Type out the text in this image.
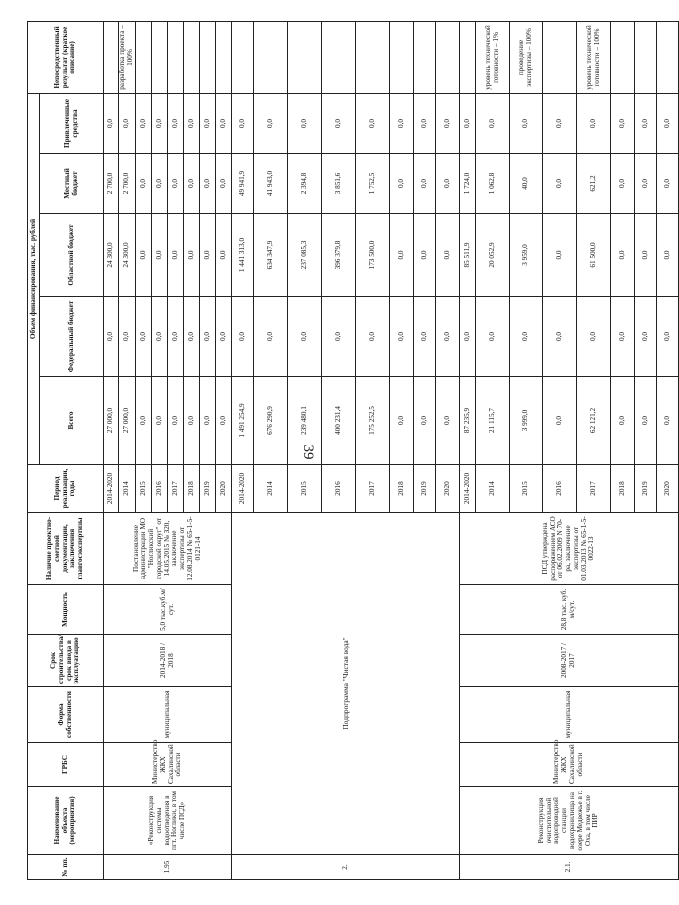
39
№ пп.	Наименование объекта (мероприятия)	ГРБС	Форма собственности	Срок строительства/ срок ввода в эксплуатацию	Мощность	Наличие проектно-сметной документации, заключения главгосэкспертизы	Период реализации, годы	Объем финансирования, тыс. рублей					Непосредственный результат (краткое описание)
								Всего	Федеральный бюджет	Областной бюджет	Местный бюджет	Привлеченные средства	
1.95	«Реконструкция системы водоотведения в пгт. Ноглики, в том числе ПСД»	Министерство ЖКХ Сахалинской области	муниципальная	2014-2018 / 2018	5,0 тыс.куб.м/сут.	Постановление администрации МО "Ногликский городской округ" от 14.05.2015 № 320, заключение экспертизы от 12.08.2014 № 65-1-5-0121-14	2014-2020	27 000,0	0,0	24 300,0	2 700,0	0,0	
							2014	27 000,0	0,0	24 300,0	2 700,0	0,0	разработка проекта – 100%
							2015	0,0	0,0	0,0	0,0	0,0	
							2016	0,0	0,0	0,0	0,0	0,0	
							2017	0,0	0,0	0,0	0,0	0,0	
							2018	0,0	0,0	0,0	0,0	0,0	
							2019	0,0	0,0	0,0	0,0	0,0	
							2020	0,0	0,0	0,0	0,0	0,0	
2.	Подпрограмма "Чистая вода"						2014-2020	1 491 254,9	0,0	1 441 313,0	49 941,9	0,0	
							2014	676 290,9	0,0	634 347,9	41 943,0	0,0	
							2015	239 480,1	0,0	237 085,3	2 394,8	0,0	
							2016	400 231,4	0,0	396 379,8	3 851,6	0,0	
							2017	175 252,5	0,0	173 500,0	1 752,5	0,0	
							2018	0,0	0,0	0,0	0,0	0,0	
							2019	0,0	0,0	0,0	0,0	0,0	
							2020	0,0	0,0	0,0	0,0	0,0	
2.1.	Реконструкция очистительной водопроводной станции водохранилища на озере Медвежье в г. Оха, в том числе ПИР	Министерство ЖКХ Сахалинской области	муниципальная	2008-2017 / 2017	28,8 тыс. куб. м/сут.	ПСД утверждена распоряжением АСО от 06.02.2009 N 70-ра, заключение экспертизы от 01.03.2013 № 65-1-5-0022-13	2014-2020	87 235,9	0,0	85 511,9	1 724,0	0,0	
							2014	21 115,7	0,0	20 052,9	1 062,8	0,0	уровень технической готовности – 1%
							2015	3 999,0	0,0	3 959,0	40,0	0,0	проведение экспертизы – 100%
							2016	0,0	0,0	0,0	0,0	0,0	
							2017	62 121,2	0,0	61 500,0	621,2	0,0	уровень технической готовности – 100%
							2018	0,0	0,0	0,0	0,0	0,0	
							2019	0,0	0,0	0,0	0,0	0,0	
							2020	0,0	0,0	0,0	0,0	0,0	
